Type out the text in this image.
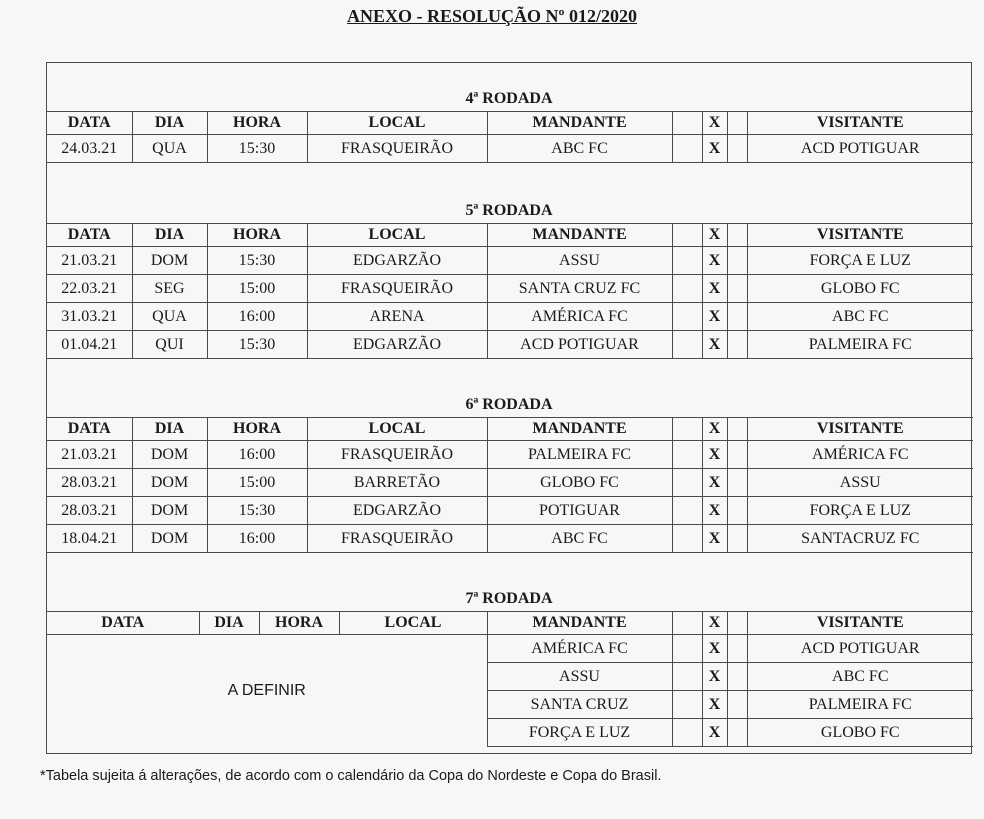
ANEXO - RESOLUÇÃO Nº 012/2020
4ª RODADA
DATA	DIA	HORA	LOCAL	MANDANTE		X		VISITANTE
24.03.21	QUA	15:30	FRASQUEIRÃO	ABC FC		X		ACD POTIGUAR
5ª RODADA
DATA	DIA	HORA	LOCAL	MANDANTE		X		VISITANTE
21.03.21	DOM	15:30	EDGARZÃO	ASSU		X		FORÇA E LUZ
22.03.21	SEG	15:00	FRASQUEIRÃO	SANTA CRUZ FC		X		GLOBO FC
31.03.21	QUA	16:00	ARENA	AMÉRICA FC		X		ABC FC
01.04.21	QUI	15:30	EDGARZÃO	ACD POTIGUAR		X		PALMEIRA FC
6ª RODADA
DATA	DIA	HORA	LOCAL	MANDANTE		X		VISITANTE
21.03.21	DOM	16:00	FRASQUEIRÃO	PALMEIRA FC		X		AMÉRICA FC
28.03.21	DOM	15:00	BARRETÃO	GLOBO FC		X		ASSU
28.03.21	DOM	15:30	EDGARZÃO	POTIGUAR		X		FORÇA E LUZ
18.04.21	DOM	16:00	FRASQUEIRÃO	ABC FC		X		SANTACRUZ FC
7ª RODADA
DATA	DIA	HORA	LOCAL	MANDANTE		X		VISITANTE
A DEFINIR				AMÉRICA FC		X		ACD POTIGUAR
				ASSU		X		ABC FC
				SANTA CRUZ		X		PALMEIRA FC
				FORÇA E LUZ		X		GLOBO FC
*Tabela sujeita á alterações, de acordo com o calendário da Copa do Nordeste e Copa do Brasil.
